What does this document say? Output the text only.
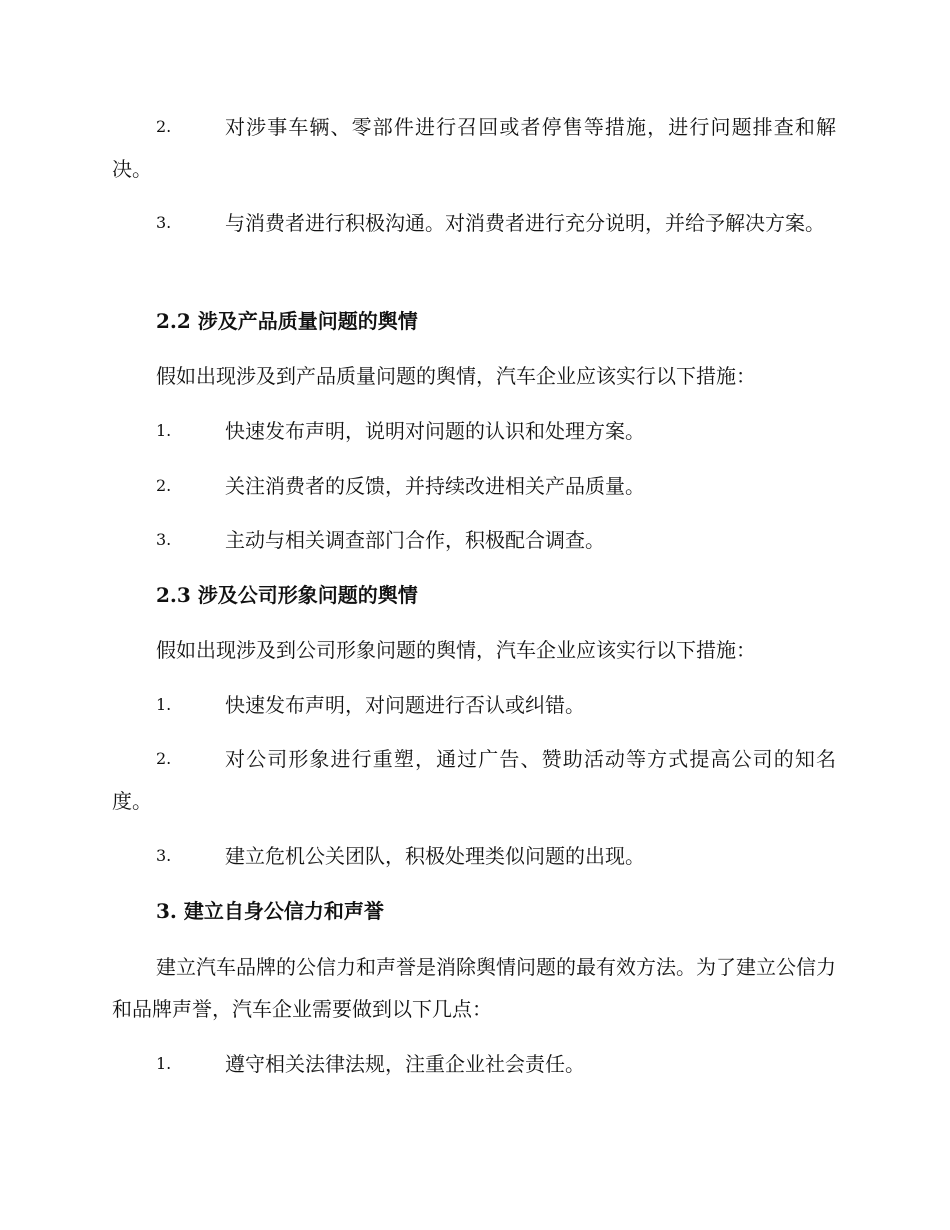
2.	对涉事车辆、零部件进行召回或者停售等措施，进行问题排查和解决。
3.	与消费者进行积极沟通。对消费者进行充分说明，并给予解决方案。
2.2 涉及产品质量问题的舆情
假如出现涉及到产品质量问题的舆情，汽车企业应该实行以下措施：
1.	快速发布声明，说明对问题的认识和处理方案。
2.	关注消费者的反馈，并持续改进相关产品质量。
3.	主动与相关调查部门合作，积极配合调查。
2.3 涉及公司形象问题的舆情
假如出现涉及到公司形象问题的舆情，汽车企业应该实行以下措施：
1.	快速发布声明，对问题进行否认或纠错。
2.	对公司形象进行重塑，通过广告、赞助活动等方式提高公司的知名度。
3.	建立危机公关团队，积极处理类似问题的出现。
3. 建立自身公信力和声誉
建立汽车品牌的公信力和声誉是消除舆情问题的最有效方法。为了建立公信力和品牌声誉，汽车企业需要做到以下几点：
1.	遵守相关法律法规，注重企业社会责任。
